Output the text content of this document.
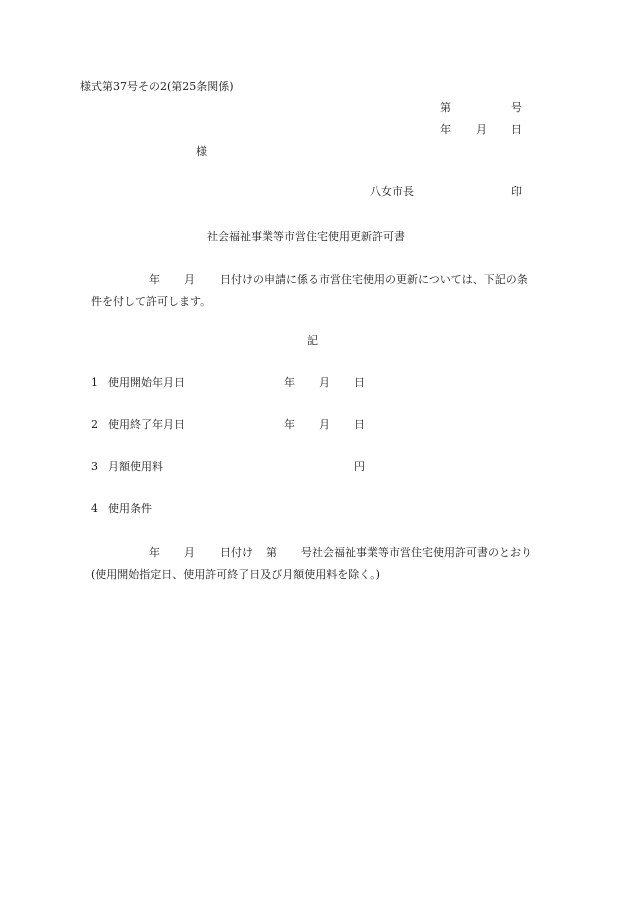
様式第37号その2(第25条関係)
第	号
年 月 日
様
八女市長	印
社会福祉事業等市営住宅使用更新許可書
年 月 日付けの申請に係る市営住宅使用の更新については、下記の条
件を付して許可します。
記
1 使用開始年月日	年 月 日
2 使用終了年月日	年 月 日
3 月額使用料	円
4 使用条件
年 月 日付け 第 号社会福祉事業等市営住宅使用許可書のとおり
(使用開始指定日、使用許可終了日及び月額使用料を除く。)
